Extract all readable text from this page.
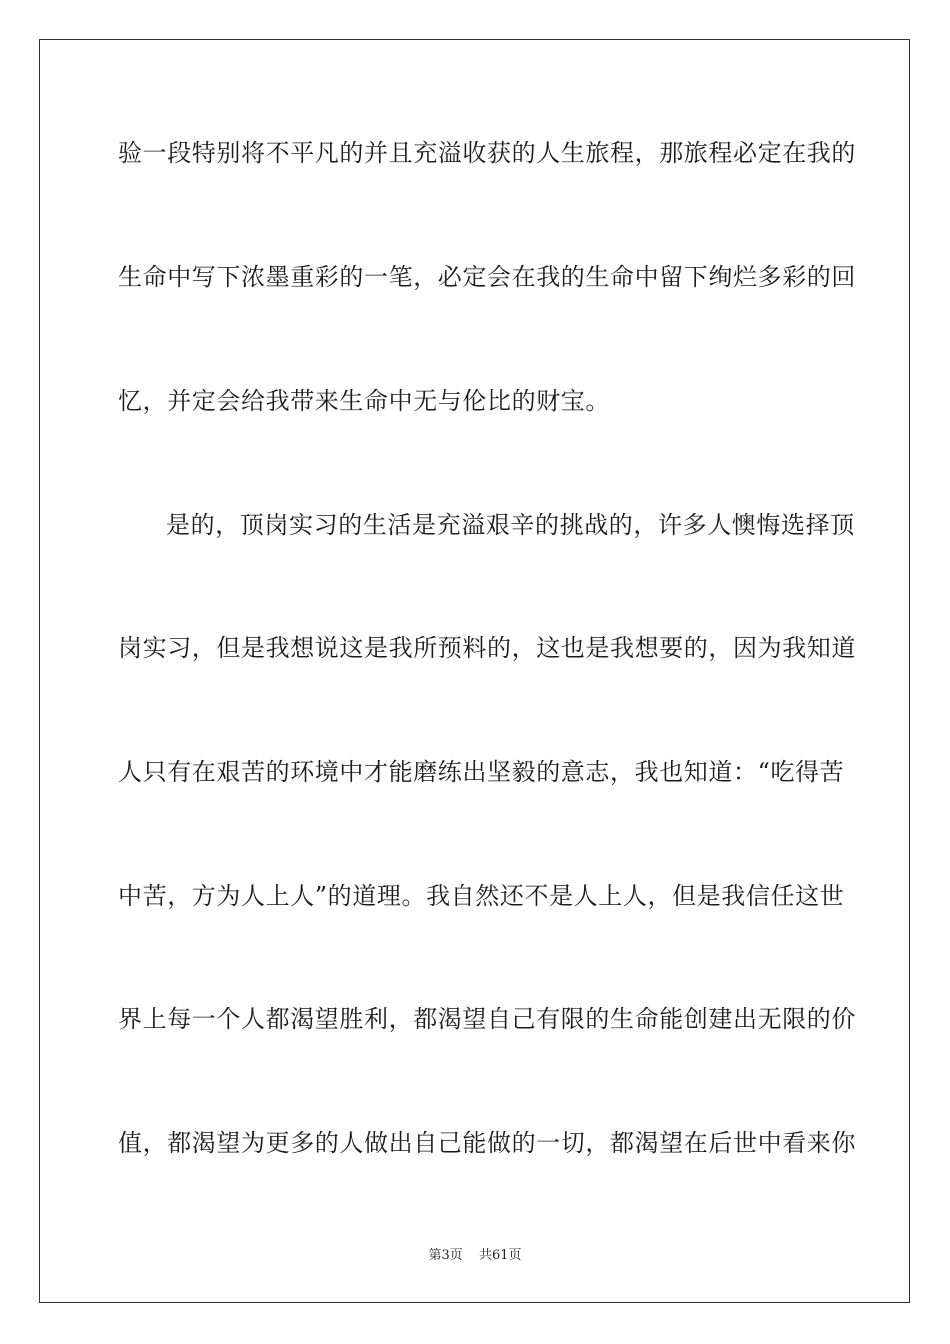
验一段特别将不平凡的并且充溢收获的人生旅程，那旅程必定在我的
生命中写下浓墨重彩的一笔，必定会在我的生命中留下绚烂多彩的回
忆，并定会给我带来生命中无与伦比的财宝。
是的，顶岗实习的生活是充溢艰辛的挑战的，许多人懊悔选择顶
岗实习，但是我想说这是我所预料的，这也是我想要的，因为我知道
人只有在艰苦的环境中才能磨练出坚毅的意志，我也知道：“吃得苦
中苦，方为人上人”的道理。我自然还不是人上人，但是我信任这世
界上每一个人都渴望胜利，都渴望自己有限的生命能创建出无限的价
值，都渴望为更多的人做出自己能做的一切，都渴望在后世中看来你
第3页 共61页
